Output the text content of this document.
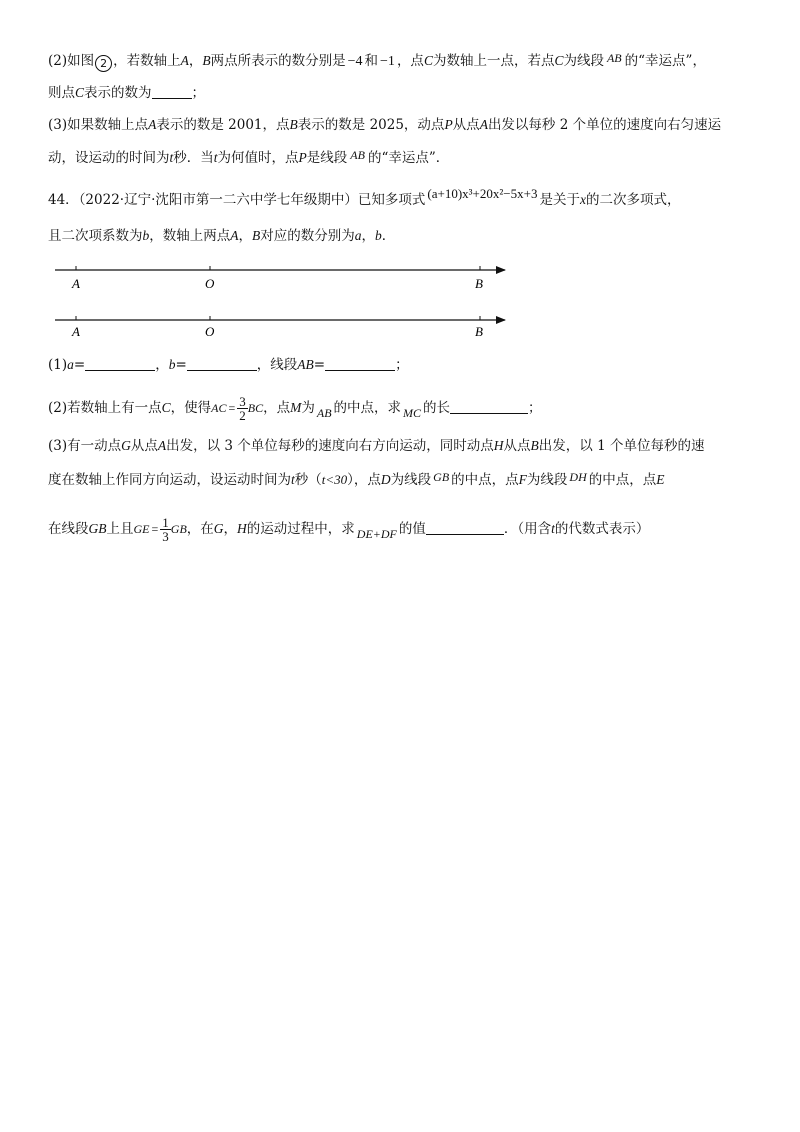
(2)如图 2 ，若数轴上A，B两点所表示的数分别是 −4 和 −1 ，点C为数轴上一点，若点C为线段 AB 的“幸运点”，
则点C表示的数为	；
(3)如果数轴上点A表示的数是 2001，点B表示的数是 2025，动点P从点A出发以每秒 2 个单位的速度向右匀速运
动，设运动的时间为t秒．当t为何值时，点P是线段 AB 的“幸运点”．
44．（2022·辽宁·沈阳市第一二六中学七年级期中）已知多项式 (a+10)x³+20x²−5x+3 是关于x的二次多项式，
且二次项系数为b，数轴上两点A，B对应的数分别为a，b．
A	O	B
A	O	B
(1)a=	，b=	，线段AB=	；
(2)若数轴上有一点C，使得AC = $\frac{3}{2}$ BC，点M为 AB 的中点，求 MC 的长	；
(3)有一动点G从点A出发，以 3 个单位每秒的速度向右方向运动，同时动点H从点B出发，以 1 个单位每秒的速
度在数轴上作同方向运动，设运动时间为t秒（t<30），点D为线段 GB 的中点，点F为线段 DH 的中点，点E
在线段GB上且GE = $\frac{1}{3}$ GB，在G，H的运动过程中，求 DE+DF 的值	．（用含t的代数式表示）
